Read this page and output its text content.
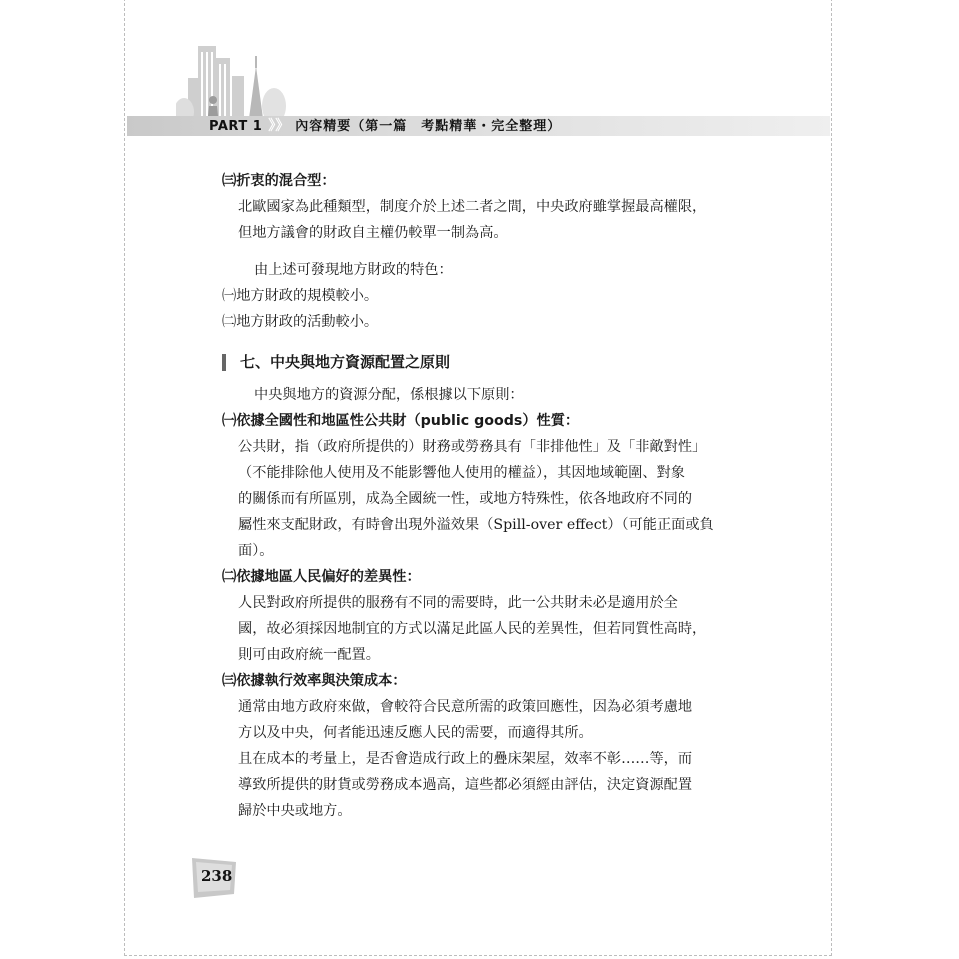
PART 1 》》 內容精要（第一篇　考點精華・完全整理）
㈢折衷的混合型：
北歐國家為此種類型，制度介於上述二者之間，中央政府雖掌握最高權限，
但地方議會的財政自主權仍較單一制為高。
由上述可發現地方財政的特色：
㈠地方財政的規模較小。
㈡地方財政的活動較小。
七、中央與地方資源配置之原則
中央與地方的資源分配，係根據以下原則：
㈠依據全國性和地區性公共財（public goods）性質：
公共財，指（政府所提供的）財務或勞務具有「非排他性」及「非敵對性」
（不能排除他人使用及不能影響他人使用的權益），其因地域範圍、對象
的關係而有所區別，成為全國統一性，或地方特殊性，依各地政府不同的
屬性來支配財政，有時會出現外溢效果（Spill-over effect）（可能正面或負
面）。
㈡依據地區人民偏好的差異性：
人民對政府所提供的服務有不同的需要時，此一公共財未必是適用於全
國，故必須採因地制宜的方式以滿足此區人民的差異性，但若同質性高時，
則可由政府統一配置。
㈢依據執行效率與決策成本：
通常由地方政府來做，會較符合民意所需的政策回應性，因為必須考慮地
方以及中央，何者能迅速反應人民的需要，而適得其所。
且在成本的考量上，是否會造成行政上的疊床架屋，效率不彰……等，而
導致所提供的財貨或勞務成本過高，這些都必須經由評估，決定資源配置
歸於中央或地方。
238
